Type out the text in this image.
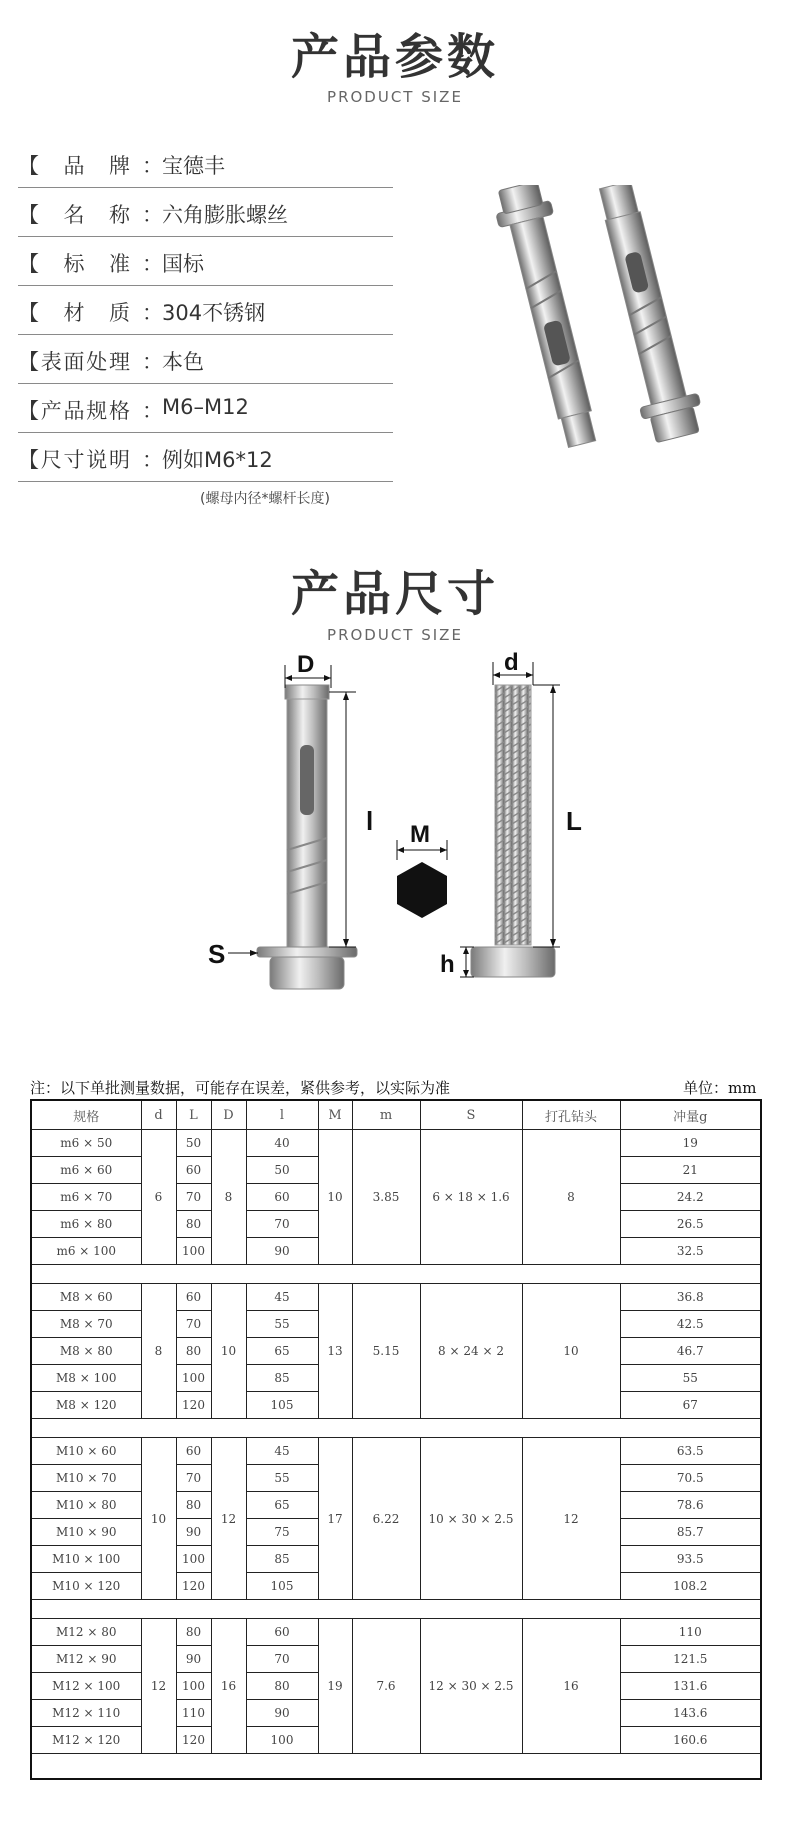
产品参数
PRODUCT SIZE
【 品 牌 ： 宝德丰
【 名 称 ： 六角膨胀螺丝
【 标 准 ： 国标
【 材 质 ： 304不锈钢
【 表 面 处 理 ： 本色
【 产 品 规 格 ： M6–M12
【 尺 寸 说 明 ： 例如M6*12
(螺母内径*螺杆长度)
产品尺寸
PRODUCT SIZE
D
l
S
M
d
L
h
注：以下单批测量数据，可能存在误差，紧供参考，以实际为准	单位：mm
规格	d	L	D	l	M	m	S	打孔钻头	冲量g
m6 × 50	6	50	8	40	10	3.85	6 × 18 × 1.6	8	19
m6 × 60		60		50					21
m6 × 70		70		60					24.2
m6 × 80		80		70					26.5
m6 × 100		100		90					32.5

M8 × 60	8	60	10	45	13	5.15	8 × 24 × 2	10	36.8
M8 × 70		70		55					42.5
M8 × 80		80		65					46.7
M8 × 100		100		85					55
M8 × 120		120		105					67

M10 × 60	10	60	12	45	17	6.22	10 × 30 × 2.5	12	63.5
M10 × 70		70		55					70.5
M10 × 80		80		65					78.6
M10 × 90		90		75					85.7
M10 × 100		100		85					93.5
M10 × 120		120		105					108.2

M12 × 80	12	80	16	60	19	7.6	12 × 30 × 2.5	16	110
M12 × 90		90		70					121.5
M12 × 100		100		80					131.6
M12 × 110		110		90					143.6
M12 × 120		120		100					160.6
